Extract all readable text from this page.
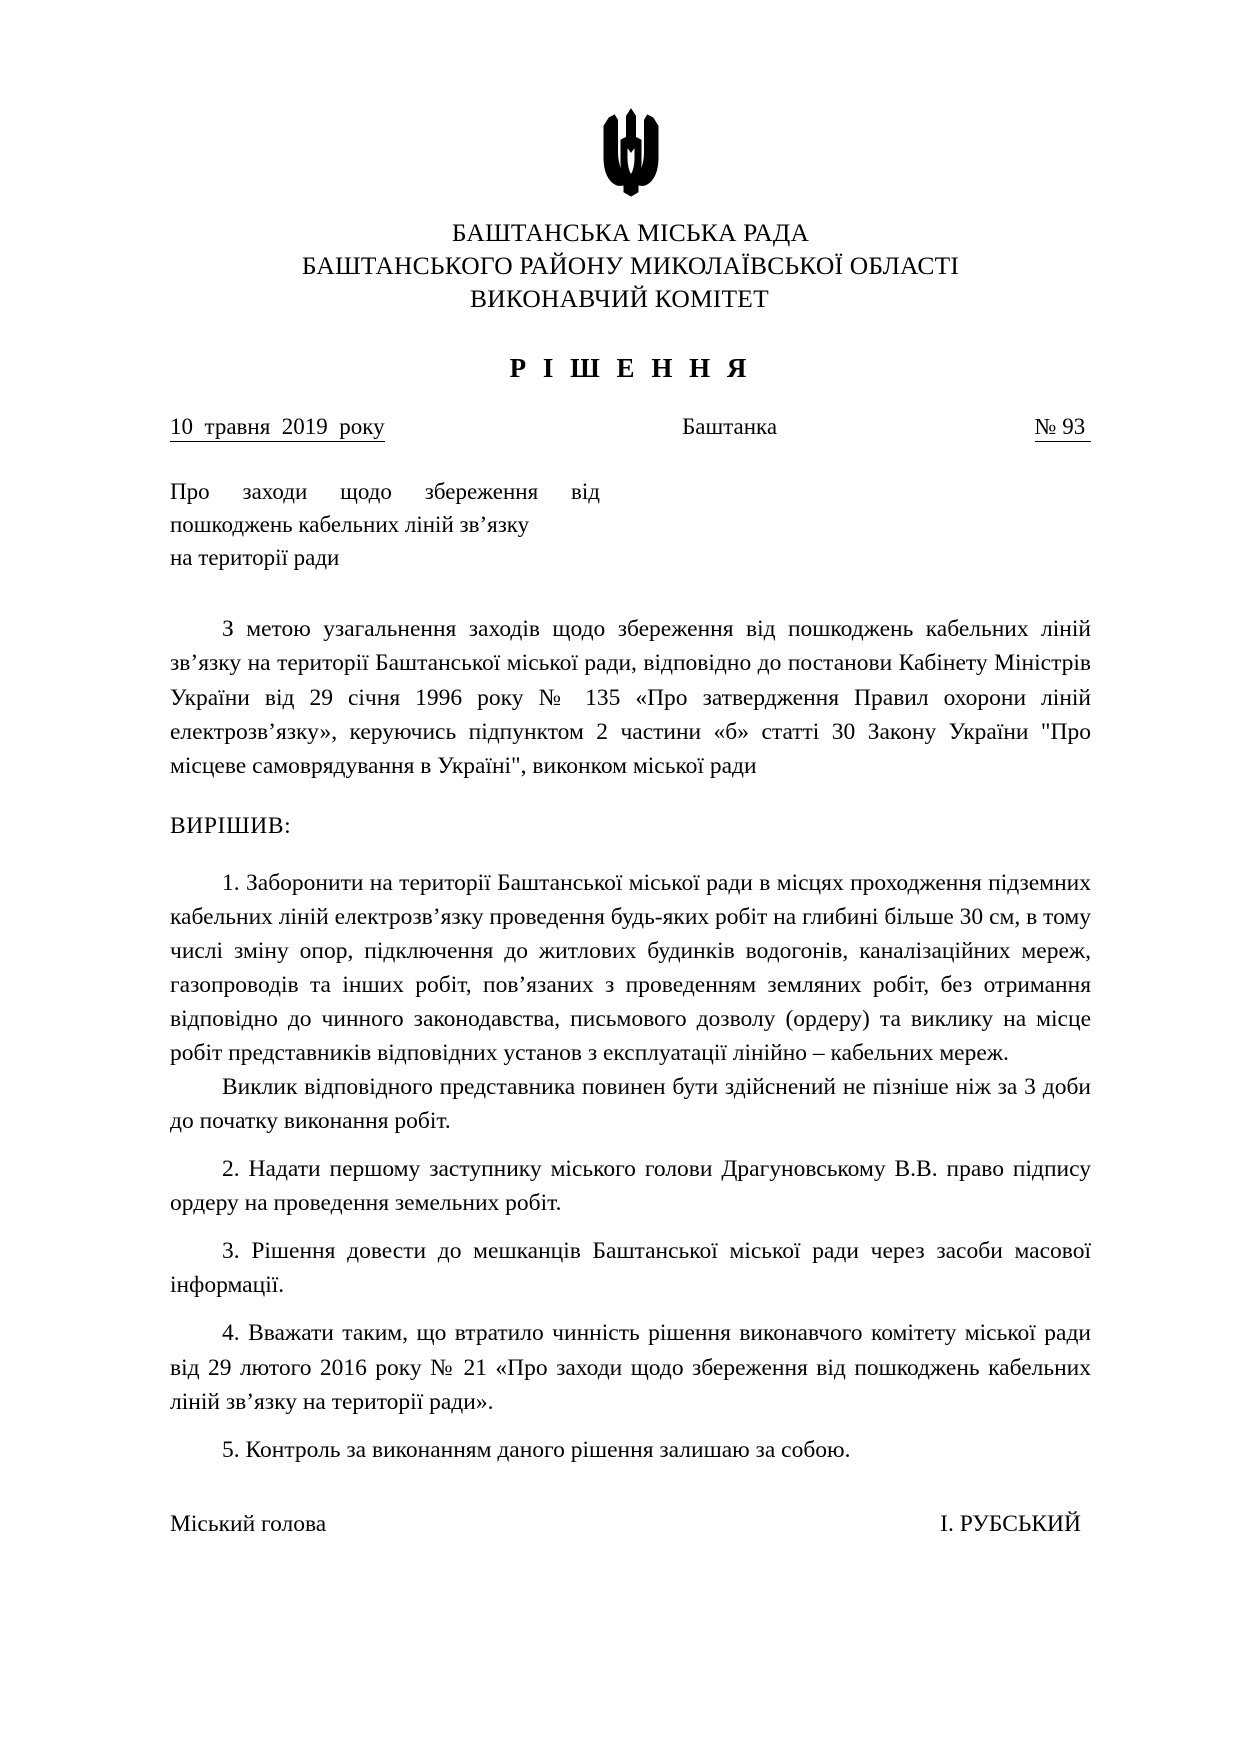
БАШТАНСЬКА МІСЬКА РАДА
БАШТАНСЬКОГО РАЙОНУ МИКОЛАЇВСЬКОЇ ОБЛАСТІ
ВИКОНАВЧИЙ КОМІТЕТ
Р І Ш Е Н Н Я
10  травня  2019  року	Баштанка	№ 93
Про заходи щодо збереження від
пошкоджень кабельних ліній зв’язку
на території ради

З метою узагальнення заходів щодо збереження від пошкоджень кабельних ліній зв’язку на території Баштанської міської ради, відповідно до постанови Кабінету Міністрів України від 29 січня 1996 року № 135 «Про затвердження Правил охорони ліній електрозв’язку», керуючись підпунктом 2 частини «б» статті 30 Закону України "Про місцеве самоврядування в Україні", виконком міської ради

ВИРІШИВ:

1. Заборонити на території Баштанської міської ради в місцях проходження підземних кабельних ліній електрозв’язку проведення будь-яких робіт на глибині більше 30 см, в тому числі зміну опор, підключення до житлових будинків водогонів, каналізаційних мереж, газопроводів та інших робіт, пов’язаних з проведенням земляних робіт, без отримання відповідно до чинного законодавства, письмового дозволу (ордеру) та виклику на місце робіт представників відповідних установ з експлуатації лінійно – кабельних мереж.

Виклик відповідного представника повинен бути здійснений не пізніше ніж за 3 доби до початку виконання робіт.

2. Надати першому заступнику міського голови Драгуновському В.В. право підпису ордеру на проведення земельних робіт.

3. Рішення довести до мешканців Баштанської міської ради через засоби масової інформації.

4. Вважати таким, що втратило чинність рішення виконавчого комітету міської ради від 29 лютого 2016 року № 21 «Про заходи щодо збереження від пошкоджень кабельних ліній зв’язку на території ради».

5. Контроль за виконанням даного рішення залишаю за собою.

Міський голова	І. РУБСЬКИЙ
